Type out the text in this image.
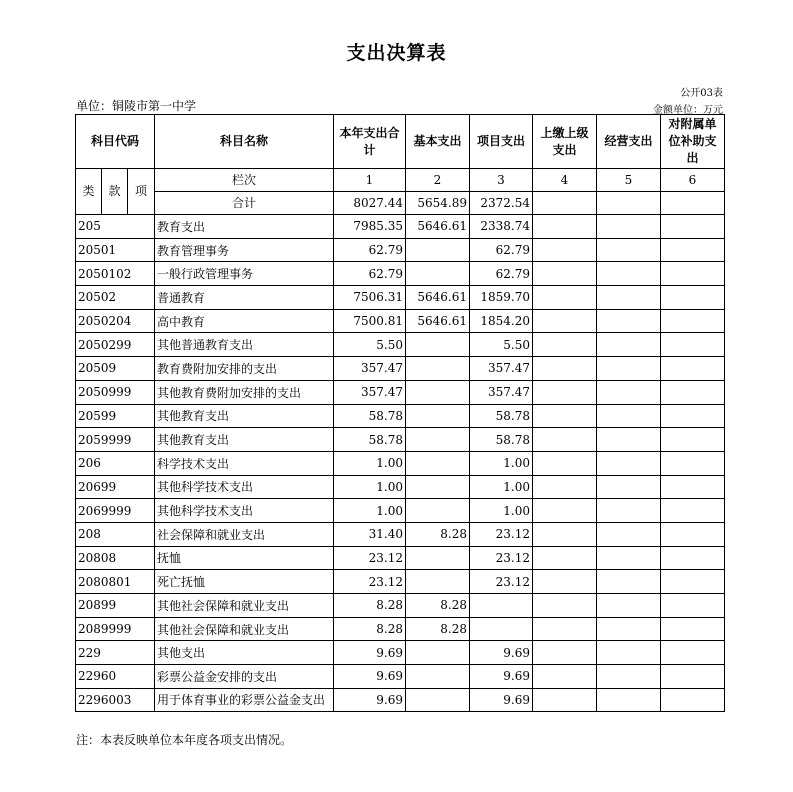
支出决算表
公开03表
单位：铜陵市第一中学	金额单位：万元
科目代码			科目名称	本年支出合计	基本支出	项目支出	上缴上级支出	经营支出	对附属单位补助支出
类	款	项	栏次	1	2	3	4	5	6
			合计	8027.44	5654.89	2372.54			
205			教育支出	7985.35	5646.61	2338.74			
20501			教育管理事务	62.79		62.79			
2050102			一般行政管理事务	62.79		62.79			
20502			普通教育	7506.31	5646.61	1859.70			
2050204			高中教育	7500.81	5646.61	1854.20			
2050299			其他普通教育支出	5.50		5.50			
20509			教育费附加安排的支出	357.47		357.47			
2050999			其他教育费附加安排的支出	357.47		357.47			
20599			其他教育支出	58.78		58.78			
2059999			其他教育支出	58.78		58.78			
206			科学技术支出	1.00		1.00			
20699			其他科学技术支出	1.00		1.00			
2069999			其他科学技术支出	1.00		1.00			
208			社会保障和就业支出	31.40	8.28	23.12			
20808			抚恤	23.12		23.12			
2080801			死亡抚恤	23.12		23.12			
20899			其他社会保障和就业支出	8.28	8.28				
2089999			其他社会保障和就业支出	8.28	8.28				
229			其他支出	9.69		9.69			
22960			彩票公益金安排的支出	9.69		9.69			
2296003			用于体育事业的彩票公益金支出	9.69		9.69			
注：本表反映单位本年度各项支出情况。
